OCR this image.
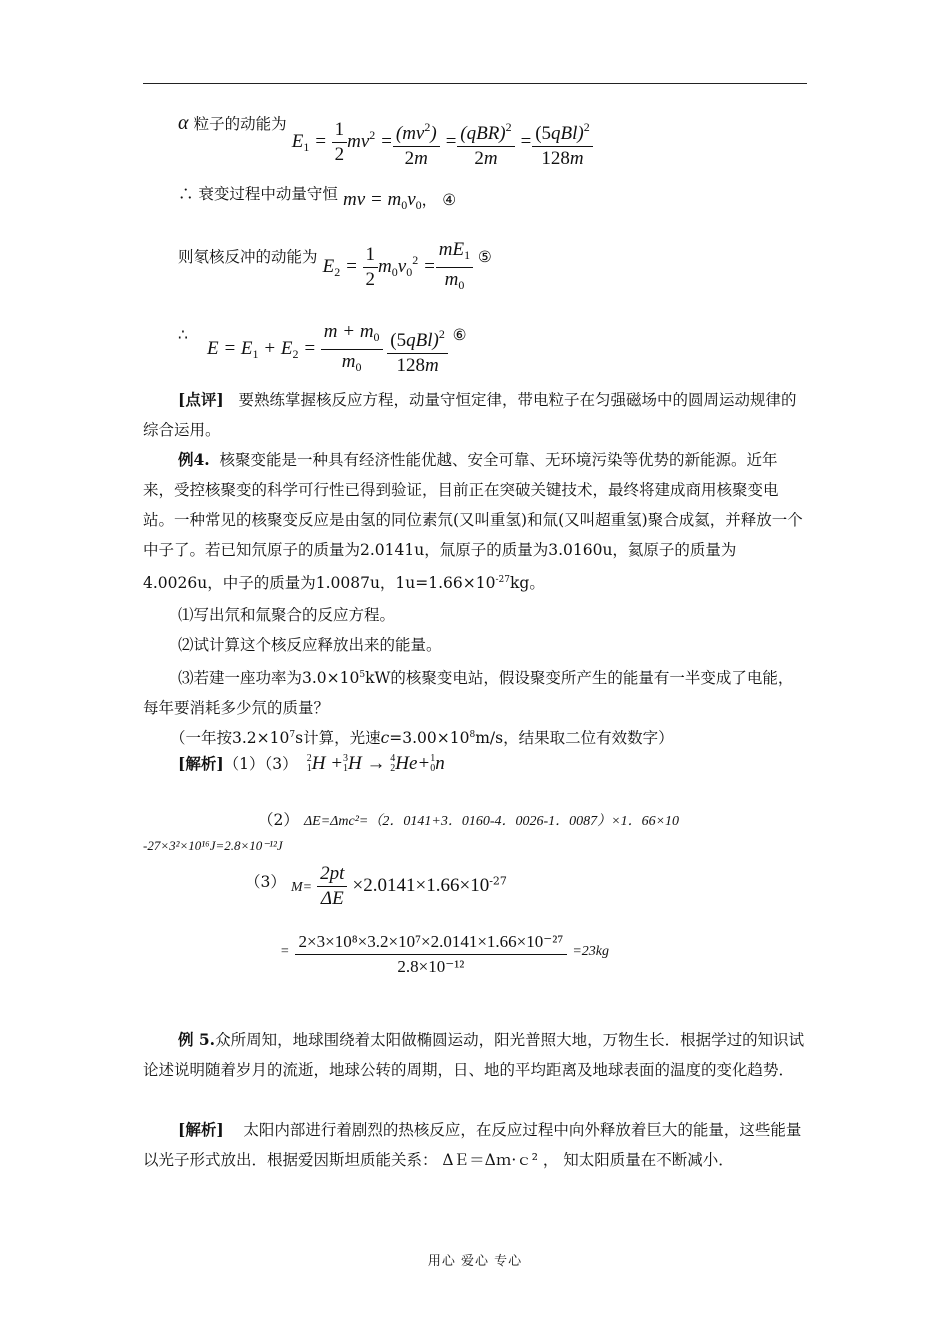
α 粒子的动能为 $E_1 = \frac{1}{2} mv^2 = \frac{(mv^2)}{2m} = \frac{(qBR)^2}{2m} = \frac{(5qBl)^2}{128m}$
∴ 衰变过程中动量守恒 mv = $m_0v_0$， ④
则氡核反冲的动能为 $E_2 = \frac{1}{2} m_0v_0^2 = \frac{mE_1}{m_0}$ ⑤
∴ $E = E_1 + E_2 = \frac{m + m_0}{m_0}$
$\frac{(5qBl)^2}{128m}$ ⑥
[点评] 要熟练掌握核反应方程，动量守恒定律，带电粒子在匀强磁场中的圆周运动规律的综合运用。
例4. 核聚变能是一种具有经济性能优越、安全可靠、无环境污染等优势的新能源。近年来，受控核聚变的科学可行性已得到验证，目前正在突破关键技术，最终将建成商用核聚变电站。一种常见的核聚变反应是由氢的同位素氘(又叫重氢)和氚(又叫超重氢)聚合成氦，并释放一个中子了。若已知氘原子的质量为2.0141u，氚原子的质量为3.0160u，氦原子的质量为4.0026u，中子的质量为1.0087u，$1u=1.66\times 10^{-27}kg$。
⑴写出氘和氚聚合的反应方程。
⑵试计算这个核反应释放出来的能量。
⑶若建一座功率为$3.0\times 10^5kW$的核聚变电站，假设聚变所产生的能量有一半变成了电能，每年要消耗多少氘的质量？
（一年按$3.2\times 10^7s$计算，光速$c=3.00\times 10^8m/s$，结果取二位有效数字）
[解析]（1）（3） 2
1H +3
1H → 4
2He+1
0n
（2） ΔE=Δmc²=（2．0141+3．0160-4．0026-1．0087）×1．66×10
-27×3²×10¹⁶J=2.8×10⁻¹²J
（3） $M= \frac{2pt}{\Delta E} \times 2.0141\times 1.66\times 10^{-27}$
= $\frac{\text{2×3×10⁸×3.2×10⁷×2.0141×1.66×10⁻²⁷}}{\text{2.8×10⁻¹²}} =23kg$
例 5.众所周知，地球围绕着太阳做椭圆运动，阳光普照大地，万物生长．根据学过的知识试论述说明随着岁月的流逝，地球公转的周期，日、地的平均距离及地球表面的温度的变化趋势．
[解析] 太阳内部进行着剧烈的热核反应，在反应过程中向外释放着巨大的能量，这些能量以光子形式放出．根据爱因斯坦质能关系： ΔＥ＝Δｍ·ｃ² ， 知太阳质量在不断减小．
用心 爱心 专心
